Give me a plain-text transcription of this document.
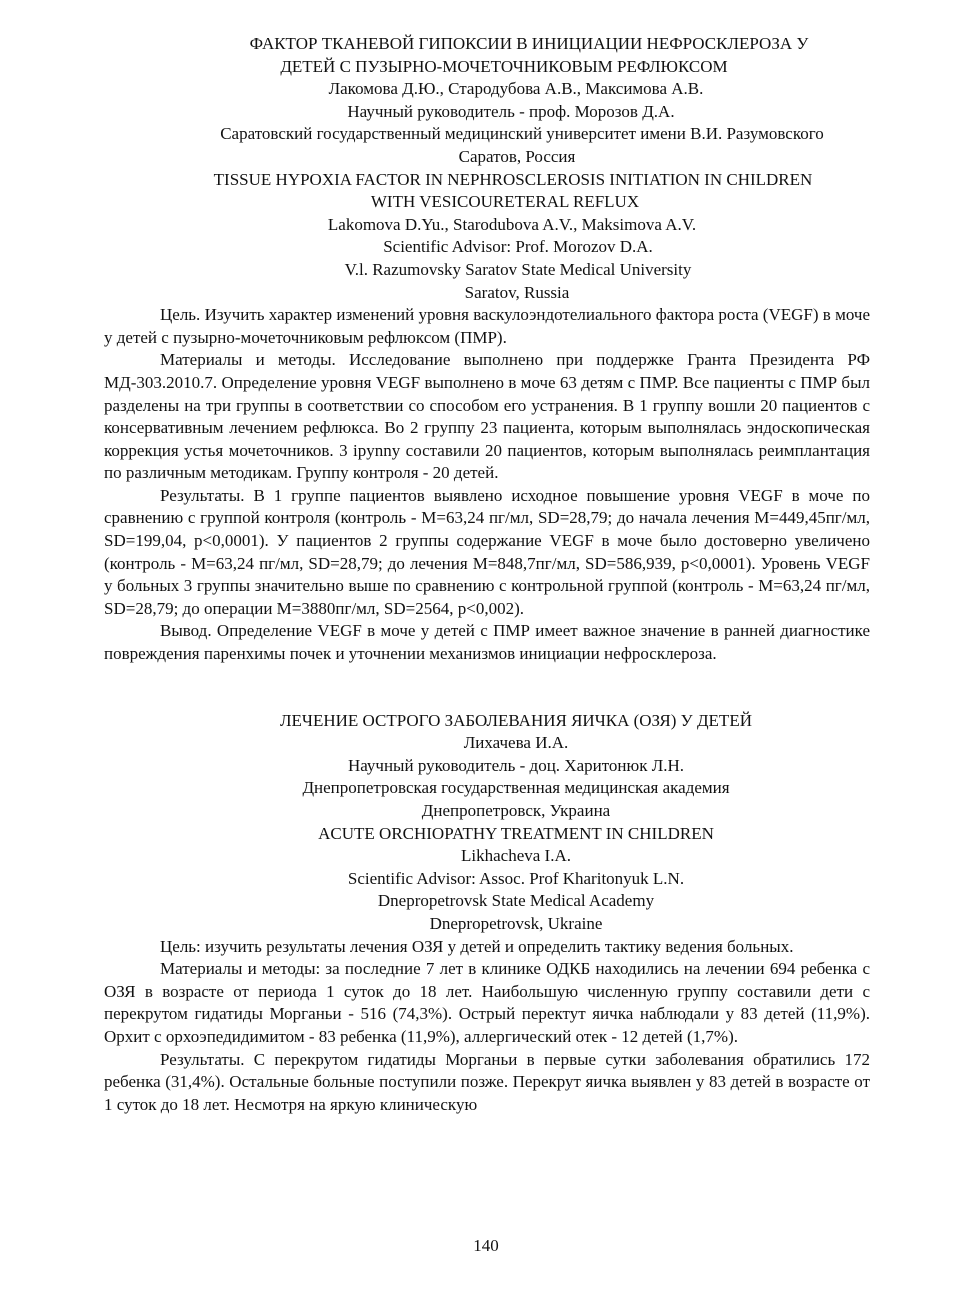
ФАКТОР ТКАНЕВОЙ ГИПОКСИИ В ИНИЦИАЦИИ НЕФРОСКЛЕРОЗА У
ДЕТЕЙ С ПУЗЫРНО-МОЧЕТОЧНИКОВЫМ РЕФЛЮКСОМ
Лакомова Д.Ю., Стародубова А.В., Максимова А.В.
Научный руководитель - проф. Морозов Д.А.
Саратовский государственный медицинский университет имени В.И. Разумовского
Саратов, Россия
TISSUE HYPOXIA FACTOR IN NEPHROSCLEROSIS INITIATION IN CHILDREN
WITH VESICOURETERAL REFLUX
Lakomova D.Yu., Starodubova A.V., Maksimova A.V.
Scientific Advisor: Prof. Morozov D.A.
V.l. Razumovsky Saratov State Medical University
Saratov, Russia

Цель. Изучить характер изменений уровня васкулоэндотелиального фактора роста (VEGF) в моче у детей с пузырно-мочеточниковым рефлюксом (ПМР).

Материалы и методы. Исследование выполнено при поддержке Гранта Президента РФ МД-303.2010.7. Определение уровня VEGF выполнено в моче 63 детям с ПМР. Все пациенты с ПМР был разделены на три группы в соответствии со способом его устранения. В 1 группу вошли 20 пациентов с консервативным лечением рефлюкса. Во 2 группу 23 пациента, которым выполнялась эндоскопическая коррекция устья мочеточников. 3 iрynny составили 20 пациентов, которым выполнялась реимплантация по различным методикам. Группу контроля - 20 детей.

Результаты. В 1 группе пациентов выявлено исходное повышение уровня VEGF в моче по сравнению с группой контроля (контроль - М=63,24 пг/мл, SD=28,79; до начала лечения М=449,45пг/мл, SD=199,04, р<0,0001). У пациентов 2 группы содержание VEGF в моче было достоверно увеличено (контроль - М=63,24 пг/мл, SD=28,79; до лечения М=848,7пг/мл, SD=586,939, р<0,0001). Уровень VEGF у больных 3 группы значительно выше по сравнению с контрольной группой (контроль - М=63,24 пг/мл, SD=28,79; до операции М=3880пг/мл, SD=2564, р<0,002).

Вывод. Определение VEGF в моче у детей с ПМР имеет важное значение в ранней диагностике повреждения паренхимы почек и уточнении механизмов инициации нефросклероза.

ЛЕЧЕНИЕ ОСТРОГО ЗАБОЛЕВАНИЯ ЯИЧКА (ОЗЯ) У ДЕТЕЙ
Лихачева И.А.
Научный руководитель - доц. Харитонюк Л.Н.
Днепропетровская государственная медицинская академия
Днепропетровск, Украина
ACUTE ORCHIOPATHY TREATMENT IN CHILDREN
Likhacheva I.A.
Scientific Advisor: Assoc. Prof Kharitonyuk L.N.
Dnepropetrovsk State Medical Academy
Dnepropetrovsk, Ukraine

Цель: изучить результаты лечения ОЗЯ у детей и определить тактику ведения больных.

Материалы и методы: за последние 7 лет в клинике ОДКБ находились на лечении 694 ребенка с ОЗЯ в возрасте от периода 1 суток до 18 лет. Наибольшую численную группу составили дети с перекрутом гидатиды Морганьи - 516 (74,3%). Острый перектут яичка наблюдали у 83 детей (11,9%). Орхит с орхоэпедидимитом - 83 ребенка (11,9%), аллергический отек - 12 детей (1,7%).

Результаты. С перекрутом гидатиды Морганьи в первые сутки заболевания обратились 172 ребенка (31,4%). Остальные больные поступили позже. Перекрут яичка выявлен у 83 детей в возрасте от 1 суток до 18 лет. Несмотря на яркую клиническую

140
